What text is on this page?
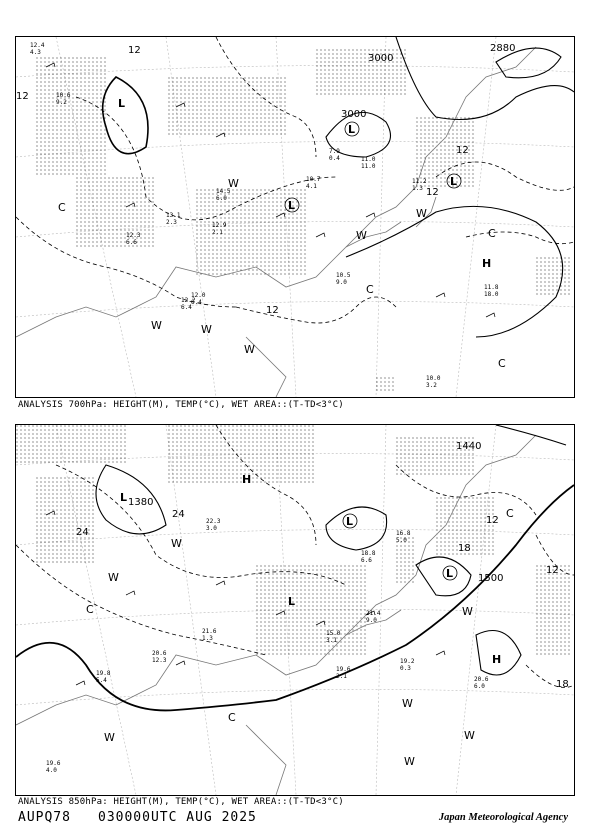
3000
3000
2880
12
12
12
12
12
L
L
L
L
H
W
W
W	W
W
W
C
C
C
C
12.4
4.3
10.6
9.2
12.3
6.6
13.1
2.3
12.0
6.4
10.5
9.0
11.0
11.0
7.9
0.4
11.2
1.3
10.7
4.1
11.8
18.0
10.0
3.2
14.5
6.0
12.2
6.4
12.9
2.1
ANALYSIS 700hPa: HEIGHT(M), TEMP(°C), WET AREA::(T-TD<3°C)
1380
1500
1440
24
24
12
12
18
18
L
L
L
L
H
H
W
W
W
W
W
W
W
C
C
C
19.2
0.3
19.6
2.1	20.6
6.0
22.3
3.0
21.6
1.3
15.0
3.1
19.8
5.4
20.6
12.3
18.8
6.6
19.6
4.0
21.4
9.0
16.8
5.0
ANALYSIS 850hPa: HEIGHT(M), TEMP(°C), WET AREA::(T-TD<3°C)
AUPQ78 030000UTC AUG 2025	Japan Meteorological Agency
